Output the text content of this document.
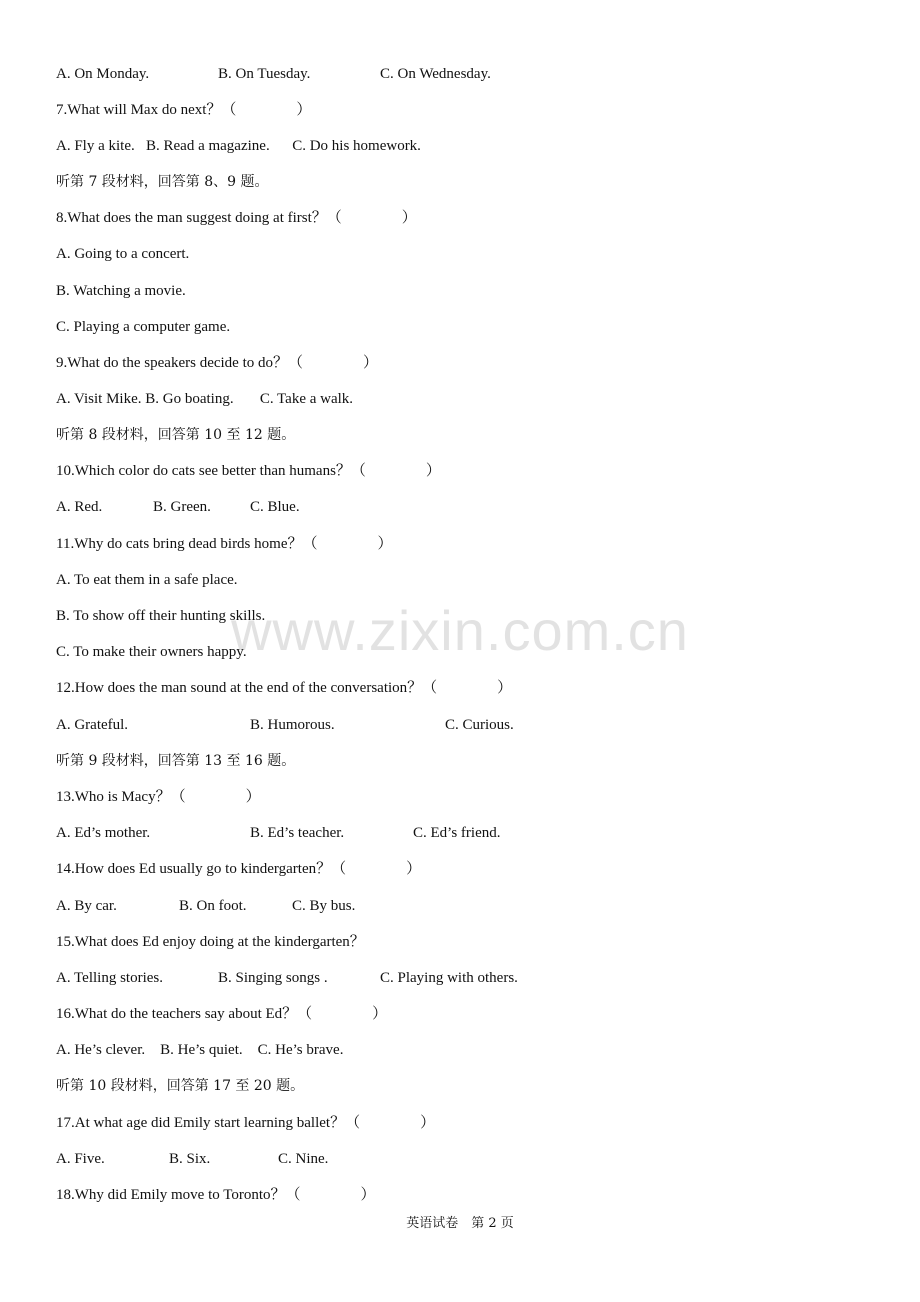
www.zixin.com.cn

A. On Monday.

	B. On Tuesday.

	C. On Wednesday.

7.What will Max do next？（　　　　）

A. Fly a kite.   B. Read a magazine.      C. Do his homework.

听第 7 段材料，回答第 8、9 题。
8.What does the man suggest doing at first？（　　　　）
A. Going to a concert.
B. Watching a movie.
C. Playing a computer game.
9.What do the speakers decide to do？（　　　　）

A. Visit Mike. B. Go boating.       C. Take a walk.

听第 8 段材料，回答第 10 至 12 题。
10.Which color do cats see better than humans？（　　　　）

A. Red.

	B. Green.

	C. Blue.

11.Why do cats bring dead birds home？（　　　　）
A. To eat them in a safe place.
B. To show off their hunting skills.
C. To make their owners happy.
12.How does the man sound at the end of the conversation？（　　　　）

A. Grateful.

	B. Humorous.

	C. Curious.

听第 9 段材料，回答第 13 至 16 题。
13.Who is Macy？（　　　　）

A. Ed’s mother.

	B. Ed’s teacher.

	C. Ed’s friend.

14.How does Ed usually go to kindergarten？（　　　　）

A. By car.

	B. On foot.

	C. By bus.

15.What does Ed enjoy doing at the kindergarten？

A. Telling stories.

	B. Singing songs .

	C. Playing with others.

16.What do the teachers say about Ed？（　　　　）

A. He’s clever.    B. He’s quiet.    C. He’s brave.

听第 10 段材料，回答第 17 至 20 题。
17.At what age did Emily start learning ballet？（　　　　）

A. Five.

	B. Six.

	C. Nine.

18.Why did Emily move to Toronto？（　　　　）
英语试卷　第 2 页
